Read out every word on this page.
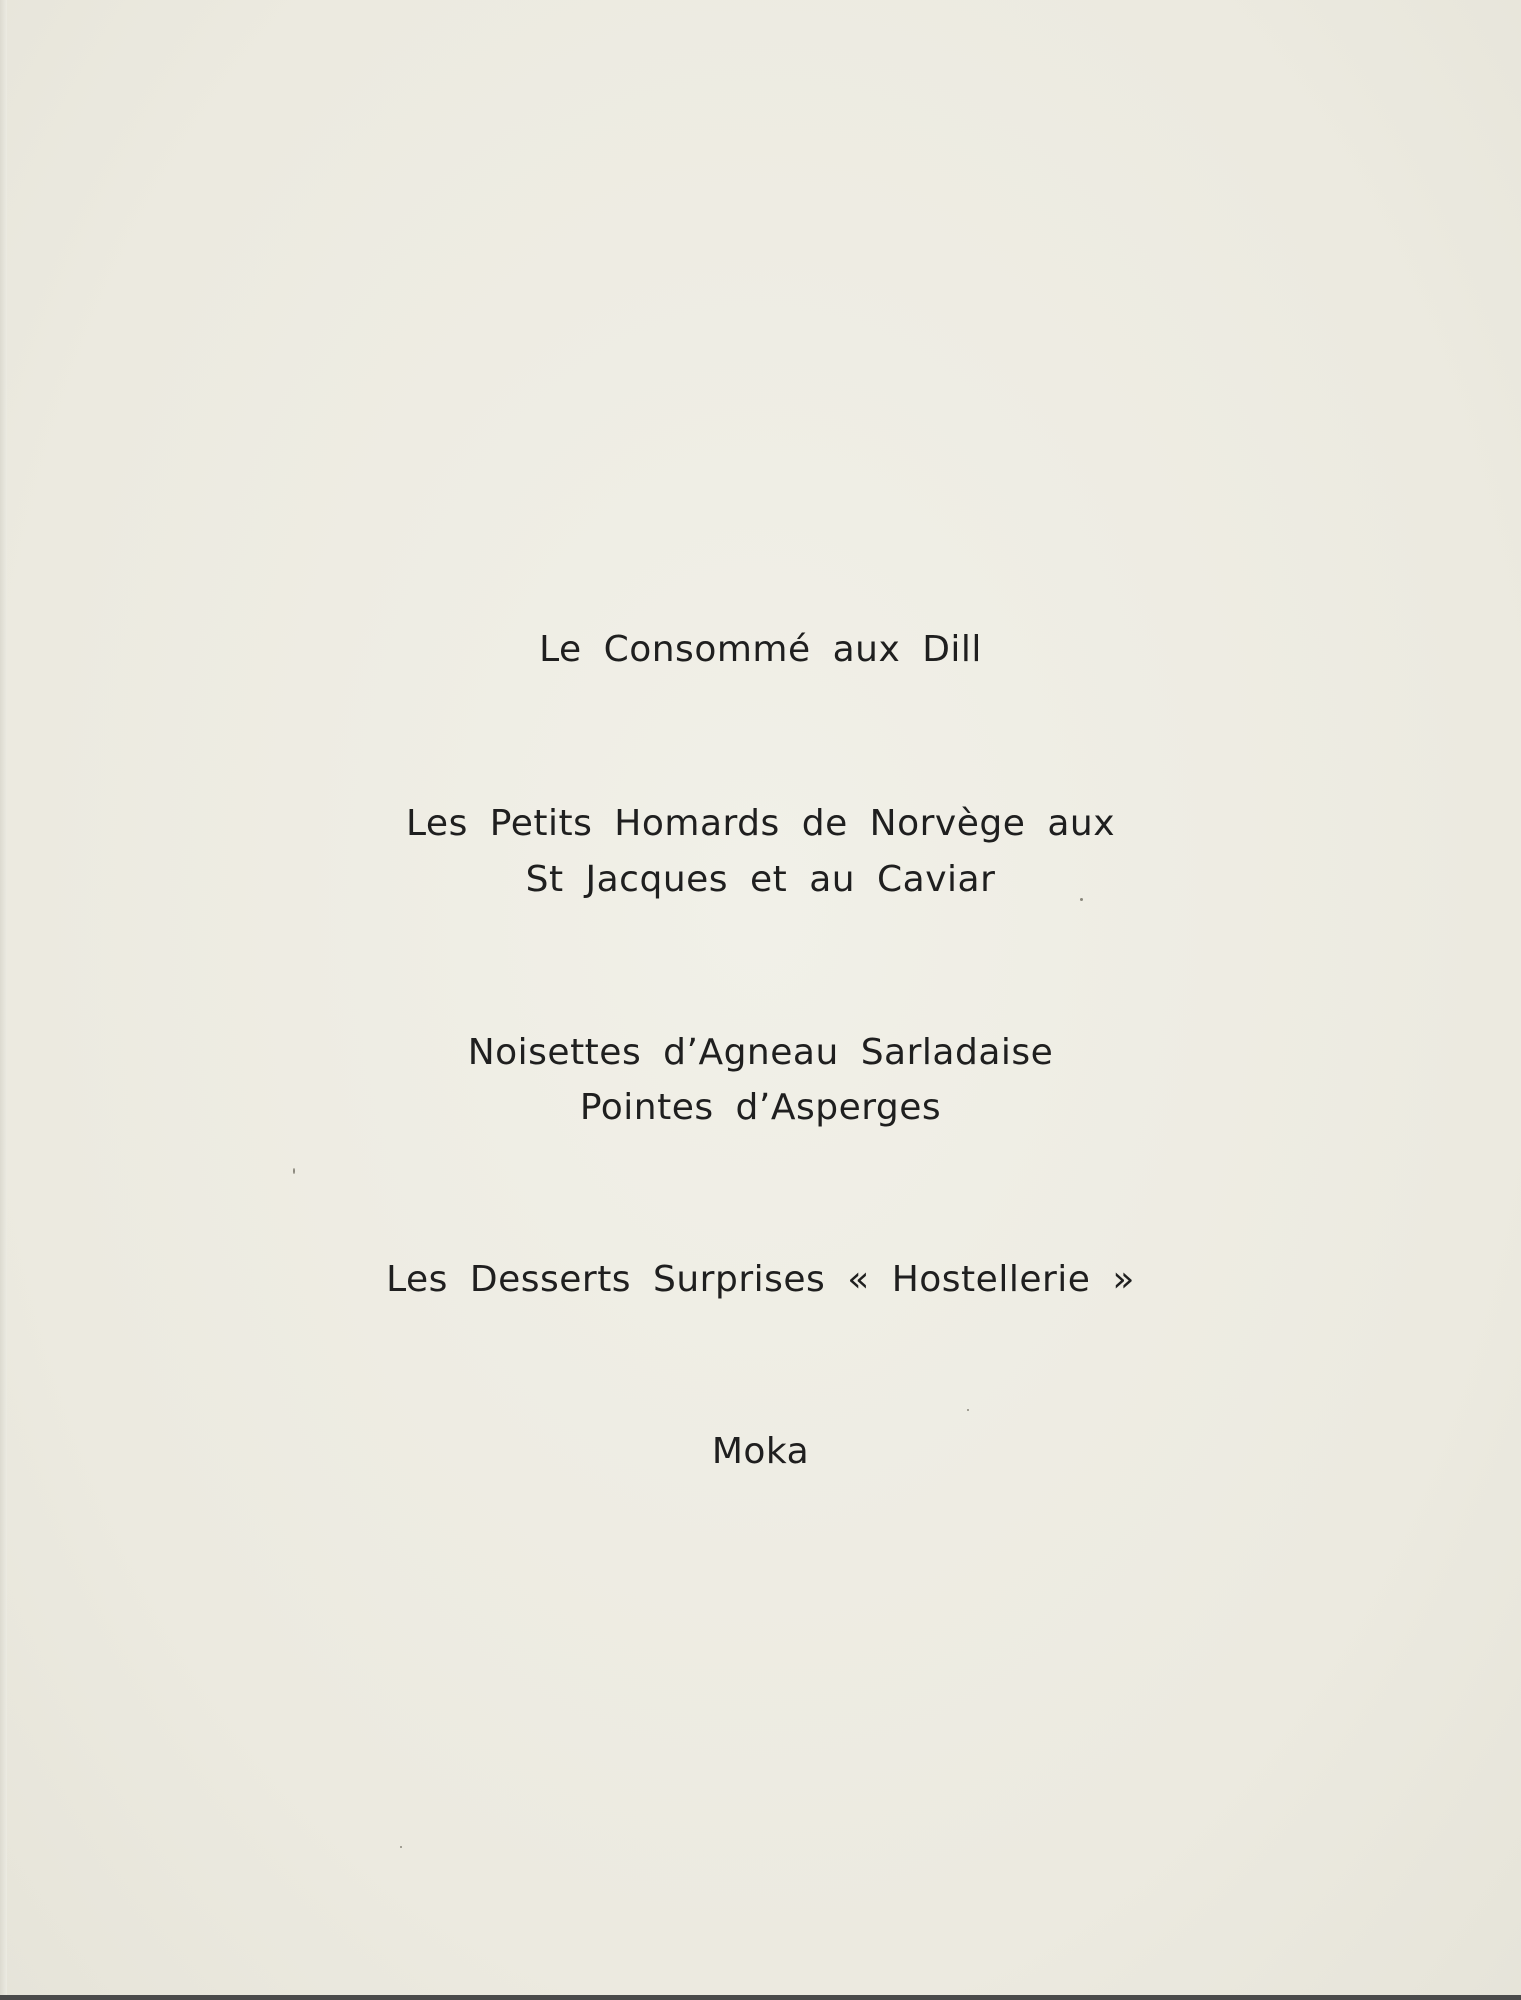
Le Consommé aux Dill
Les Petits Homards de Norvège aux
St Jacques et au Caviar
Noisettes d’Agneau Sarladaise
Pointes d’Asperges
Les Desserts Surprises « Hostellerie »
Moka
